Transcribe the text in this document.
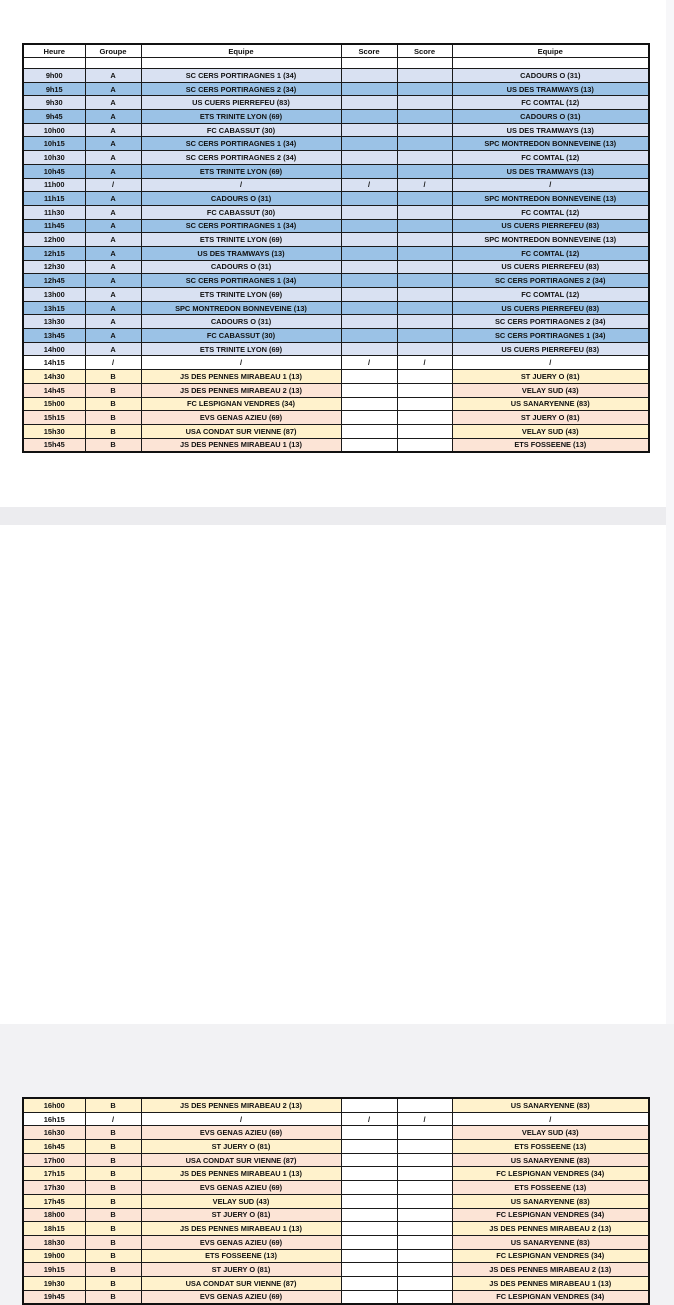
Heure	Groupe	Equipe	Score	Score	Equipe

9h00	A	SC CERS PORTIRAGNES 1 (34)			CADOURS O (31)
9h15	A	SC CERS PORTIRAGNES 2 (34)			US DES TRAMWAYS (13)
9h30	A	US CUERS PIERREFEU (83)			FC COMTAL (12)
9h45	A	ETS TRINITE LYON (69)			CADOURS O (31)
10h00	A	FC CABASSUT (30)			US DES TRAMWAYS (13)
10h15	A	SC CERS PORTIRAGNES 1 (34)			SPC MONTREDON BONNEVEINE (13)
10h30	A	SC CERS PORTIRAGNES 2 (34)			FC COMTAL (12)
10h45	A	ETS TRINITE LYON (69)			US DES TRAMWAYS (13)
11h00	/	/	/	/	/
11h15	A	CADOURS O (31)			SPC MONTREDON BONNEVEINE (13)
11h30	A	FC CABASSUT (30)			FC COMTAL (12)
11h45	A	SC CERS PORTIRAGNES 1 (34)			US CUERS PIERREFEU (83)
12h00	A	ETS TRINITE LYON (69)			SPC MONTREDON BONNEVEINE (13)
12h15	A	US DES TRAMWAYS (13)			FC COMTAL (12)
12h30	A	CADOURS O (31)			US CUERS PIERREFEU (83)
12h45	A	SC CERS PORTIRAGNES 1 (34)			SC CERS PORTIRAGNES 2 (34)
13h00	A	ETS TRINITE LYON (69)			FC COMTAL (12)
13h15	A	SPC MONTREDON BONNEVEINE (13)			US CUERS PIERREFEU (83)
13h30	A	CADOURS O (31)			SC CERS PORTIRAGNES 2 (34)
13h45	A	FC CABASSUT (30)			SC CERS PORTIRAGNES 1 (34)
14h00	A	ETS TRINITE LYON (69)			US CUERS PIERREFEU (83)
14h15	/	/	/	/	/
14h30	B	JS DES PENNES MIRABEAU 1 (13)			ST JUERY O (81)
14h45	B	JS DES PENNES MIRABEAU 2 (13)			VELAY SUD (43)
15h00	B	FC LESPIGNAN VENDRES (34)			US SANARYENNE (83)
15h15	B	EVS GENAS AZIEU (69)			ST JUERY O (81)
15h30	B	USA CONDAT SUR VIENNE (87)			VELAY SUD (43)
15h45	B	JS DES PENNES MIRABEAU 1 (13)			ETS FOSSEENE (13)
16h00	B	JS DES PENNES MIRABEAU 2 (13)			US SANARYENNE (83)
16h15	/	/	/	/	/
16h30	B	EVS GENAS AZIEU (69)			VELAY SUD (43)
16h45	B	ST JUERY O (81)			ETS FOSSEENE (13)
17h00	B	USA CONDAT SUR VIENNE (87)			US SANARYENNE (83)
17h15	B	JS DES PENNES MIRABEAU 1 (13)			FC LESPIGNAN VENDRES (34)
17h30	B	EVS GENAS AZIEU (69)			ETS FOSSEENE (13)
17h45	B	VELAY SUD (43)			US SANARYENNE (83)
18h00	B	ST JUERY O (81)			FC LESPIGNAN VENDRES (34)
18h15	B	JS DES PENNES MIRABEAU 1 (13)			JS DES PENNES MIRABEAU 2 (13)
18h30	B	EVS GENAS AZIEU (69)			US SANARYENNE (83)
19h00	B	ETS FOSSEENE (13)			FC LESPIGNAN VENDRES (34)
19h15	B	ST JUERY O (81)			JS DES PENNES MIRABEAU 2 (13)
19h30	B	USA CONDAT SUR VIENNE (87)			JS DES PENNES MIRABEAU 1 (13)
19h45	B	EVS GENAS AZIEU (69)			FC LESPIGNAN VENDRES (34)
